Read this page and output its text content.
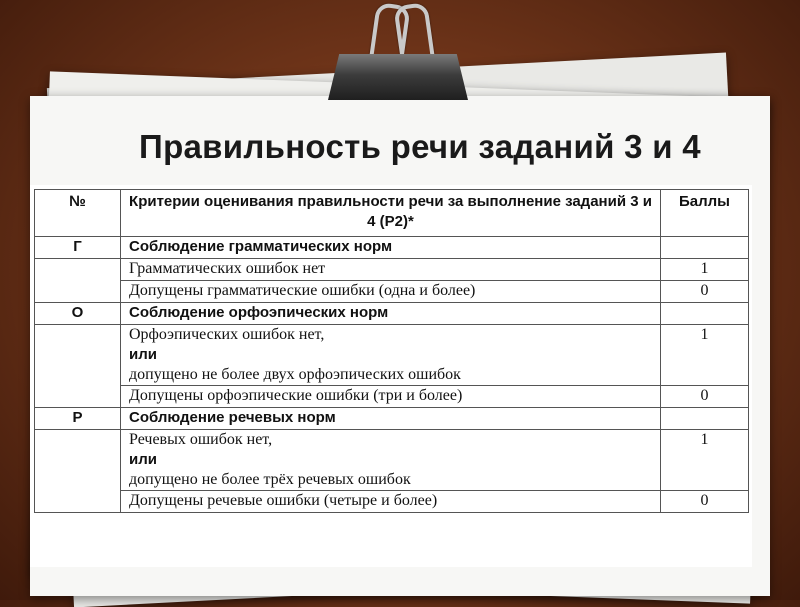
Правильность речи заданий 3 и 4
№	Критерии оценивания правильности речи за выполнение заданий 3 и 4 (Р2)*	Баллы
Г	Соблюдение грамматических норм	
	Грамматических ошибок нет	1
	Допущены грамматические ошибки (одна и более)	0
О	Соблюдение орфоэпических норм	

	Орфоэпических ошибок нет,
или
допущено не более двух орфоэпических ошибок	1
	Допущены орфоэпические ошибки (три и более)	0
Р	Соблюдение речевых норм	

	Речевых ошибок нет,
или
допущено не более трёх речевых ошибок	1
	Допущены речевые ошибки (четыре и более)	0
